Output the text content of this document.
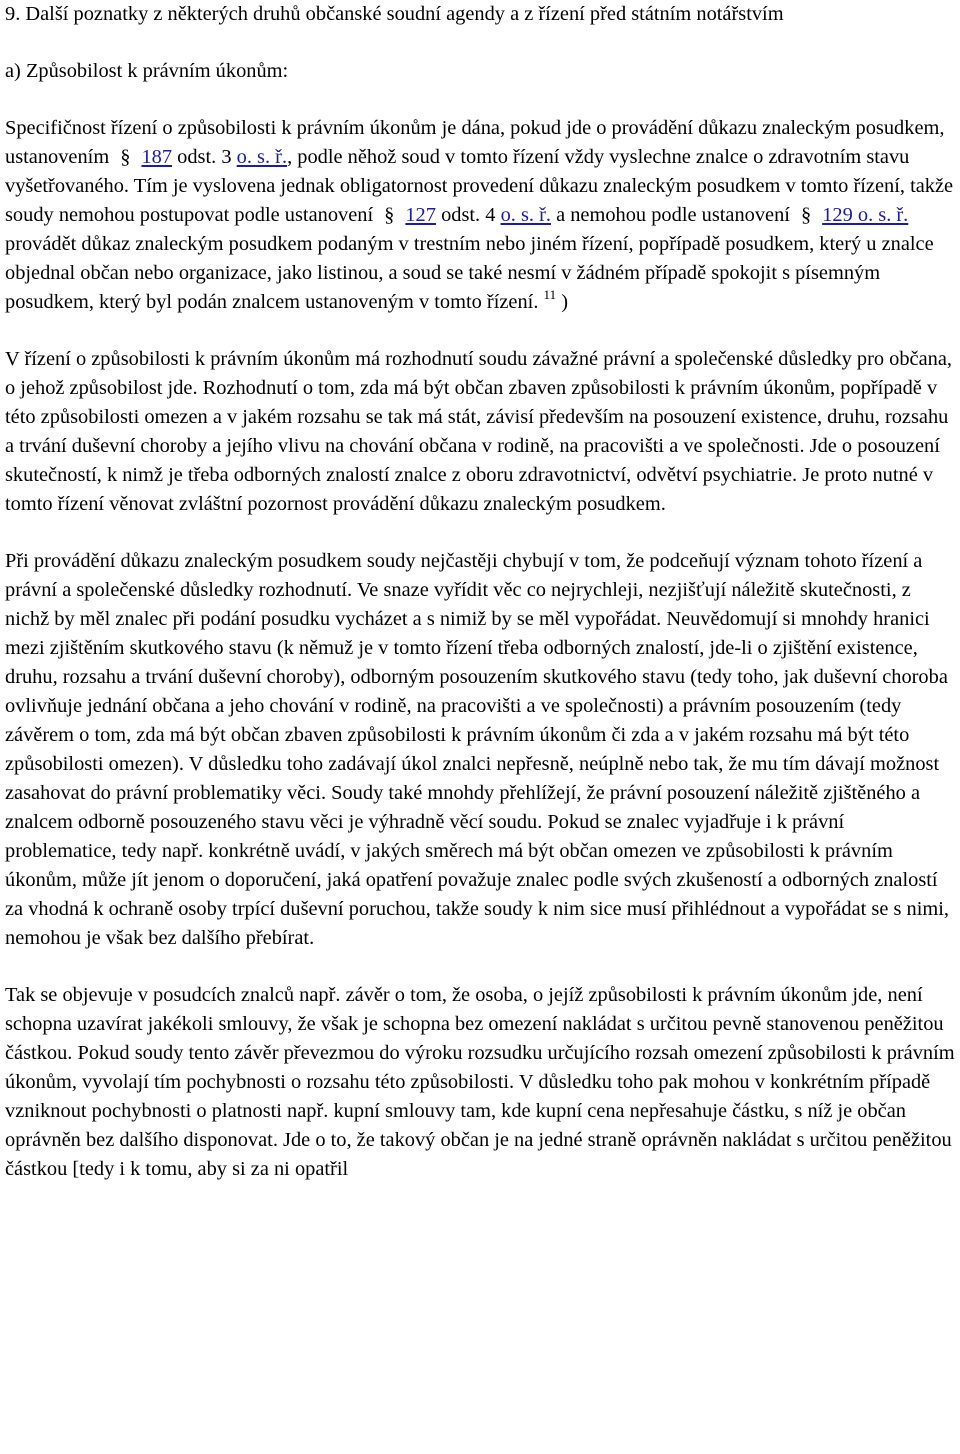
9. Další poznatky z některých druhů občanské soudní agendy a z řízení před státním notářstvím

a) Způsobilost k právním úkonům:

Specifičnost řízení o způsobilosti k právním úkonům je dána, pokud jde o provádění důkazu znaleckým posudkem, ustanovením § 187 odst. 3 o. s. ř., podle něhož soud v tomto řízení vždy vyslechne znalce o zdravotním stavu vyšetřovaného. Tím je vyslovena jednak obligatornost provedení důkazu znaleckým posudkem v tomto řízení, takže soudy nemohou postupovat podle ustanovení § 127 odst. 4 o. s. ř. a nemohou podle ustanovení § 129 o. s. ř. provádět důkaz znaleckým posudkem podaným v trestním nebo jiném řízení, popřípadě posudkem, který u znalce objednal občan nebo organizace, jako listinou, a soud se také nesmí v žádném případě spokojit s písemným posudkem, který byl podán znalcem ustanoveným v tomto řízení. $^{11}$ )

V řízení o způsobilosti k právním úkonům má rozhodnutí soudu závažné právní a společenské důsledky pro občana, o jehož způsobilost jde. Rozhodnutí o tom, zda má být občan zbaven způsobilosti k právním úkonům, popřípadě v této způsobilosti omezen a v jakém rozsahu se tak má stát, závisí především na posouzení existence, druhu, rozsahu a trvání duševní choroby a jejího vlivu na chování občana v rodině, na pracovišti a ve společnosti. Jde o posouzení skutečností, k nimž je třeba odborných znalostí znalce z oboru zdravotnictví, odvětví psychiatrie. Je proto nutné v tomto řízení věnovat zvláštní pozornost provádění důkazu znaleckým posudkem.

Při provádění důkazu znaleckým posudkem soudy nejčastěji chybují v tom, že podceňují význam tohoto řízení a právní a společenské důsledky rozhodnutí. Ve snaze vyřídit věc co nejrychleji, nezjišťují náležitě skutečnosti, z nichž by měl znalec při podání posudku vycházet a s nimiž by se měl vypořádat. Neuvědomují si mnohdy hranici mezi zjištěním skutkového stavu (k němuž je v tomto řízení třeba odborných znalostí, jde-li o zjištění existence, druhu, rozsahu a trvání duševní choroby), odborným posouzením skutkového stavu (tedy toho, jak duševní choroba ovlivňuje jednání občana a jeho chování v rodině, na pracovišti a ve společnosti) a právním posouzením (tedy závěrem o tom, zda má být občan zbaven způsobilosti k právním úkonům či zda a v jakém rozsahu má být této způsobilosti omezen). V důsledku toho zadávají úkol znalci nepřesně, neúplně nebo tak, že mu tím dávají možnost zasahovat do právní problematiky věci. Soudy také mnohdy přehlížejí, že právní posouzení náležitě zjištěného a znalcem odborně posouzeného stavu věci je výhradně věcí soudu. Pokud se znalec vyjadřuje i k právní problematice, tedy např. konkrétně uvádí, v jakých směrech má být občan omezen ve způsobilosti k právním úkonům, může jít jenom o doporučení, jaká opatření považuje znalec podle svých zkušeností a odborných znalostí za vhodná k ochraně osoby trpící duševní poruchou, takže soudy k nim sice musí přihlédnout a vypořádat se s nimi, nemohou je však bez dalšího přebírat.

Tak se objevuje v posudcích znalců např. závěr o tom, že osoba, o jejíž způsobilosti k právním úkonům jde, není schopna uzavírat jakékoli smlouvy, že však je schopna bez omezení nakládat s určitou pevně stanovenou peněžitou částkou. Pokud soudy tento závěr převezmou do výroku rozsudku určujícího rozsah omezení způsobilosti k právním úkonům, vyvolají tím pochybnosti o rozsahu této způsobilosti. V důsledku toho pak mohou v konkrétním případě vzniknout pochybnosti o platnosti např. kupní smlouvy tam, kde kupní cena nepřesahuje částku, s níž je občan oprávněn bez dalšího disponovat. Jde o to, že takový občan je na jedné straně oprávněn nakládat s určitou peněžitou částkou [tedy i k tomu, aby si za ni opatřil
